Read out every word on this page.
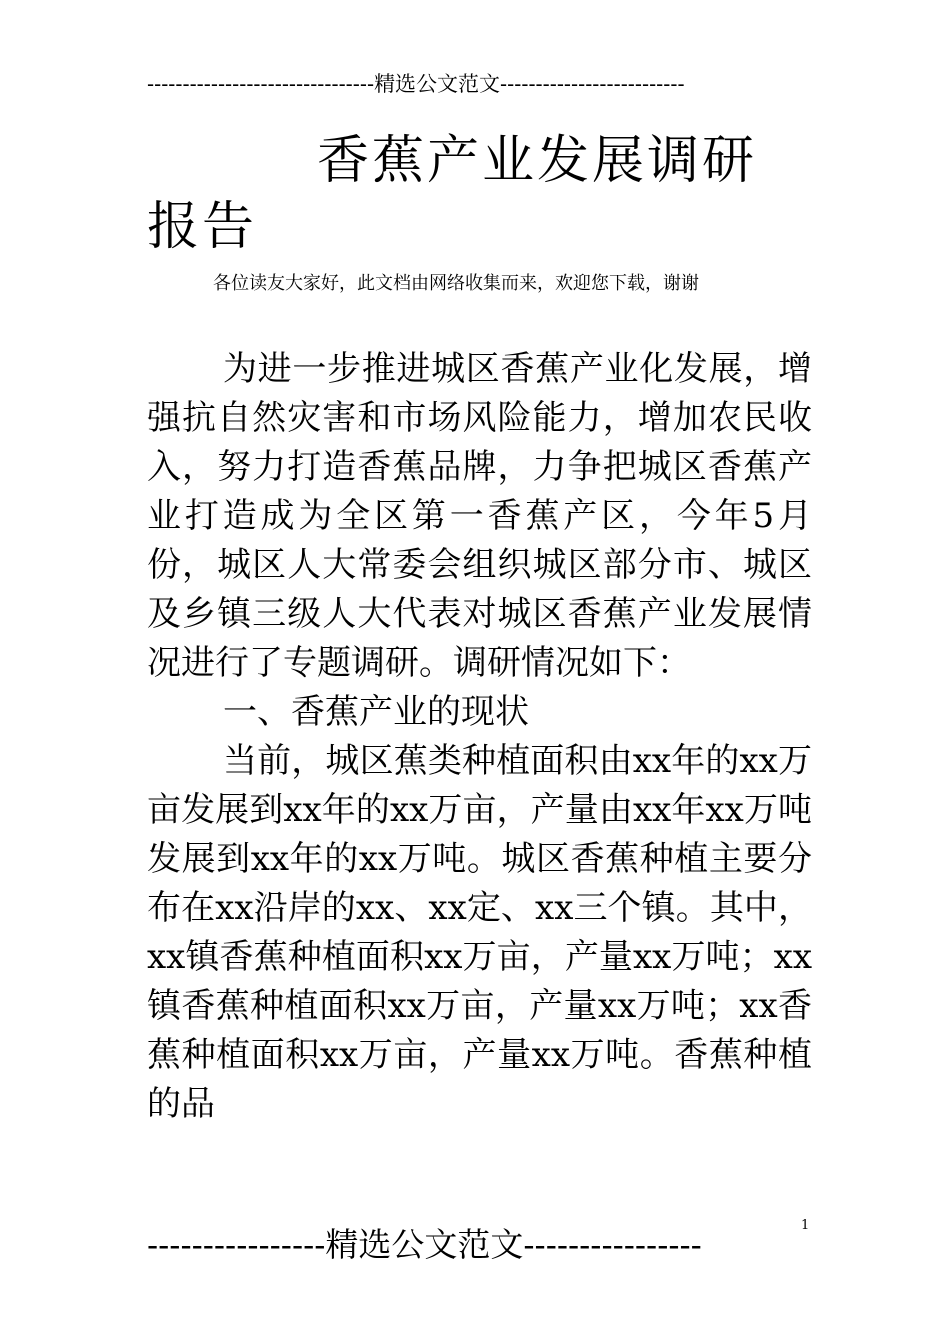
--------------------------------精选公文范文--------------------------
香蕉产业发展调研
报告
各位读友大家好，此文档由网络收集而来，欢迎您下载，谢谢

为进一步推进城区香蕉产业化发展，增强抗自然灾害和市场风险能力，增加农民收入，努力打造香蕉品牌，力争把城区香蕉产业打造成为全区第一香蕉产区，今年5月份，城区人大常委会组织城区部分市、城区及乡镇三级人大代表对城区香蕉产业发展情况进行了专题调研。调研情况如下：

一、香蕉产业的现状

当前，城区蕉类种植面积由xx年的xx万亩发展到xx年的xx万亩，产量由xx年xx万吨发展到xx年的xx万吨。城区香蕉种植主要分布在xx沿岸的xx、xx定、xx三个镇。其中，xx镇香蕉种植面积xx万亩，产量xx万吨；xx镇香蕉种植面积xx万亩，产量xx万吨；xx香蕉种植面积xx万亩，产量xx万吨。香蕉种植的品

----------------精选公文范文----------------	1
